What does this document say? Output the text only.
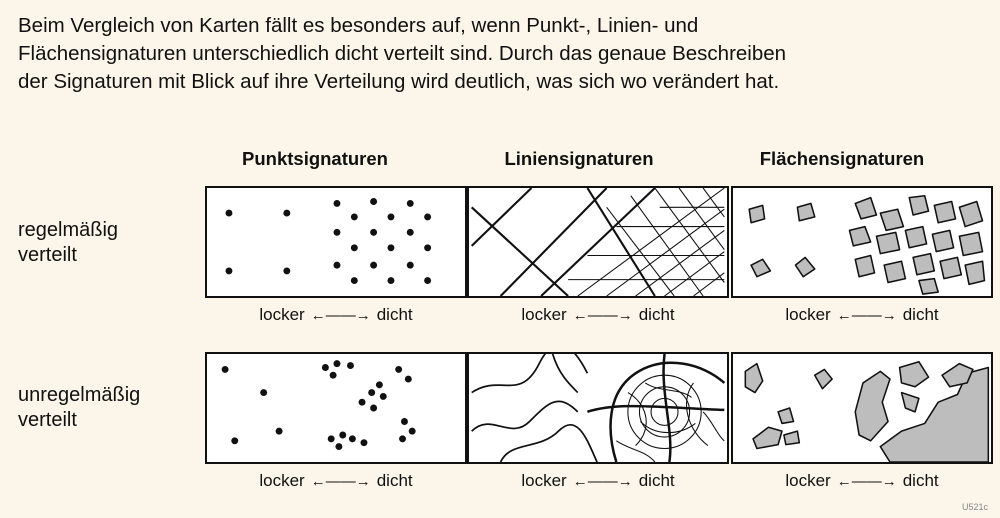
Beim Vergleich von Karten fällt es besonders auf, wenn Punkt-, Linien- und
Flächensignaturen unterschiedlich dicht verteilt sind. Durch das genaue Beschreiben
der Signaturen mit Blick auf ihre Verteilung wird deutlich, was sich wo verändert hat.

Punktsignaturen	Liniensignaturen	Flächensignaturen
regelmäßig
verteilt
unregelmäßig
verteilt
locker ←——→ dicht	locker ←——→ dicht	locker ←——→ dicht
locker ←——→ dicht	locker ←——→ dicht	locker ←——→ dicht
U521c
